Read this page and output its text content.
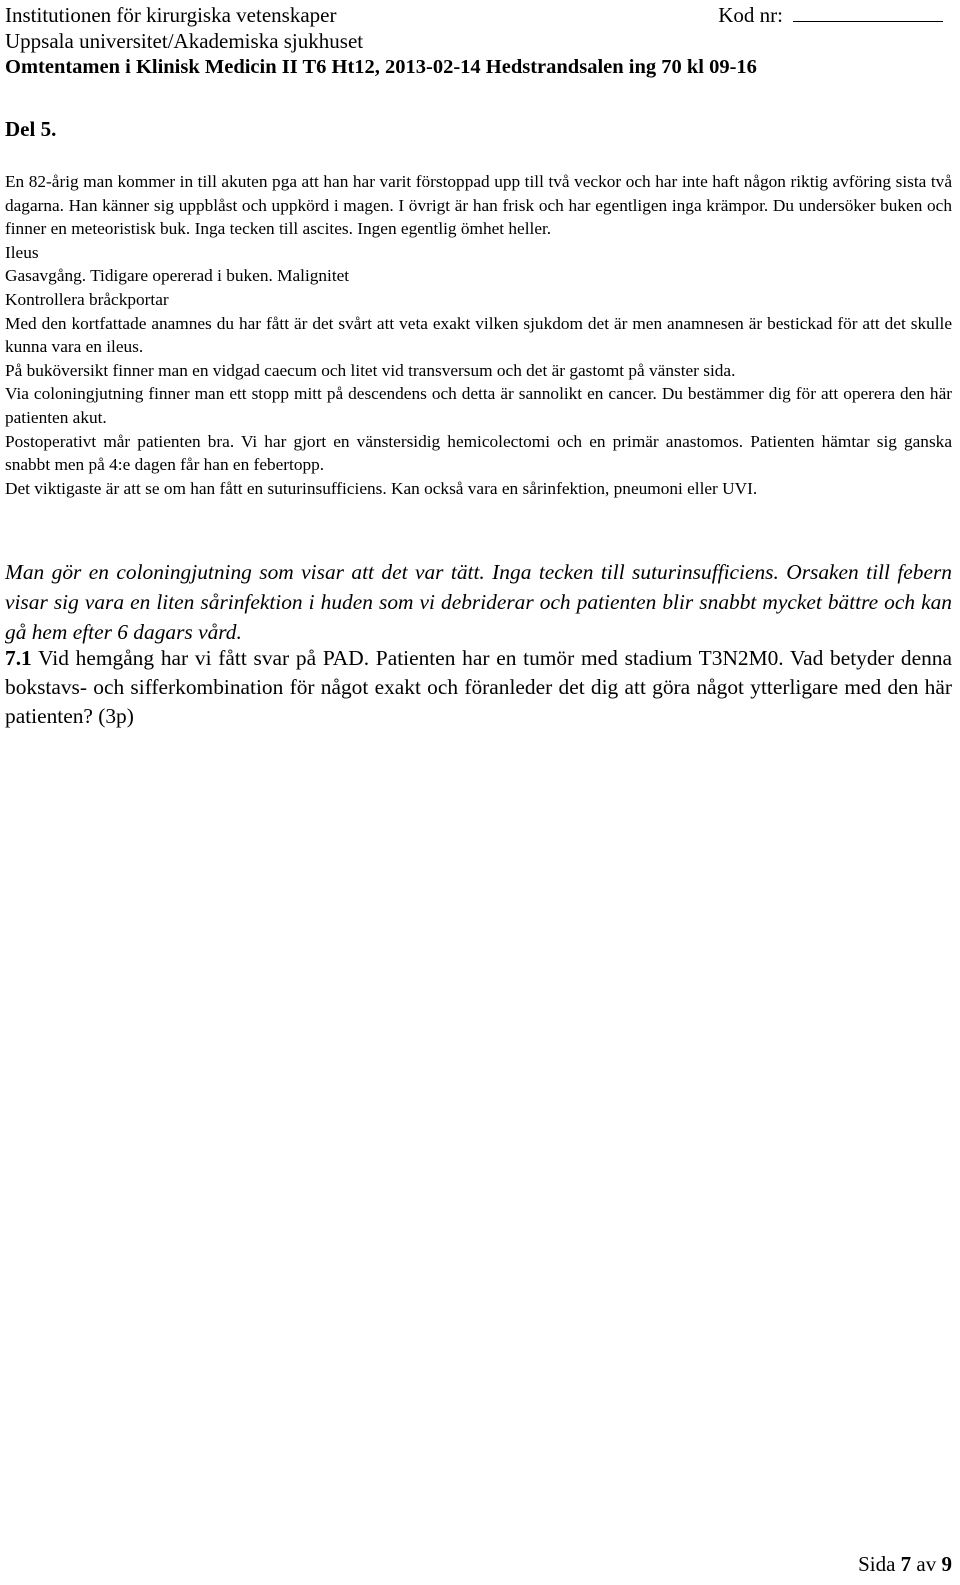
Institutionen för kirurgiska vetenskaper
Uppsala universitet/Akademiska sjukhuset
Omtentamen i Klinisk Medicin II T6 Ht12, 2013-02-14 Hedstrandsalen ing 70 kl 09-16
Kod nr:
Del 5.

En 82-årig man kommer in till akuten pga att han har varit förstoppad upp till två veckor och har inte haft någon riktig avföring sista två dagarna. Han känner sig uppblåst och uppkörd i magen. I övrigt är han frisk och har egentligen inga krämpor. Du undersöker buken och finner en meteoristisk buk. Inga tecken till ascites. Ingen egentlig ömhet heller.

Ileus

Gasavgång. Tidigare opererad i buken. Malignitet

Kontrollera bråckportar

Med den kortfattade anamnes du har fått är det svårt att veta exakt vilken sjukdom det är men anamnesen är bestickad för att det skulle kunna vara en ileus.

På buköversikt finner man en vidgad caecum och litet vid transversum och det är gastomt på vänster sida.

Via coloningjutning finner man ett stopp mitt på descendens och detta är sannolikt en cancer. Du bestämmer dig för att operera den här patienten akut.

Postoperativt mår patienten bra. Vi har gjort en vänstersidig hemicolectomi och en primär anastomos. Patienten hämtar sig ganska snabbt men på 4:e dagen får han en febertopp.

Det viktigaste är att se om han fått en suturinsufficiens. Kan också vara en sårinfektion, pneumoni eller UVI.

Man gör en coloningjutning som visar att det var tätt. Inga tecken till suturinsufficiens. Orsaken till febern visar sig vara en liten sårinfektion i huden som vi debriderar och patienten blir snabbt mycket bättre och kan gå hem efter 6 dagars vård.
7.1 Vid hemgång har vi fått svar på PAD. Patienten har en tumör med stadium T3N2M0. Vad betyder denna bokstavs- och sifferkombination för något exakt och föranleder det dig att göra något ytterligare med den här patienten? (3p)
Sida 7 av 9
